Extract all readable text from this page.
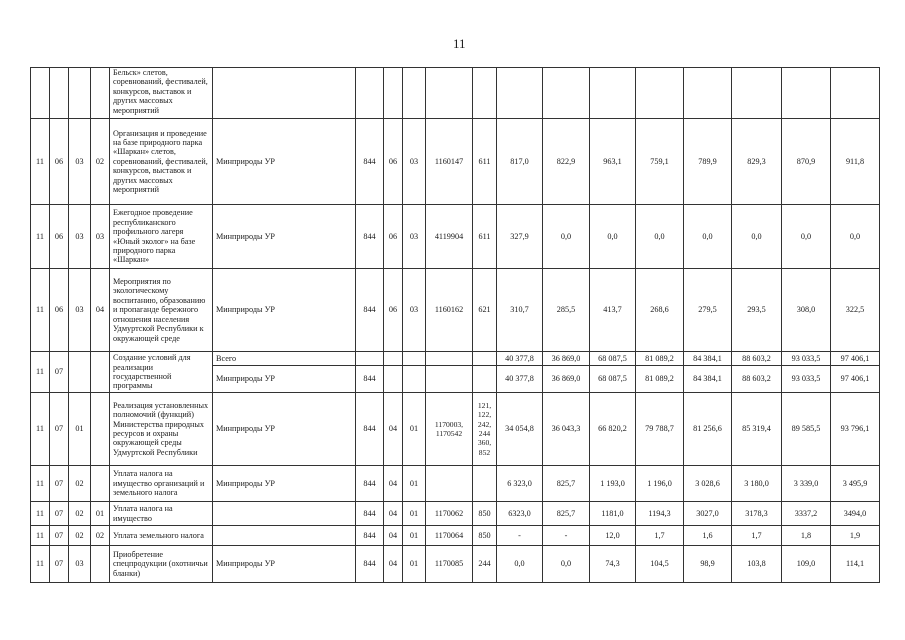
11
				Бельск» слетов, соревнований, фестивалей, конкурсов, выставок и других массовых мероприятий														
11	06	03	02	Организация и проведение на базе природного парка «Шаркан» слетов, соревнований, фестивалей, конкурсов, выставок и других массовых мероприятий	Минприроды УР	844	06	03	1160147	611	817,0	822,9	963,1	759,1	789,9	829,3	870,9	911,8
11	06	03	03	Ежегодное проведение республиканского профильного лагеря «Юный эколог» на базе природного парка «Шаркан»	Минприроды УР	844	06	03	4119904	611	327,9	0,0	0,0	0,0	0,0	0,0	0,0	0,0
11	06	03	04	Мероприятия по экологическому воспитанию, образованию и пропаганде бережного отношения населения Удмуртской Республики к окружающей среде	Минприроды УР	844	06	03	1160162	621	310,7	285,5	413,7	268,6	279,5	293,5	308,0	322,5
11	07			Создание условий для реализации государственной программы	Всего						40 377,8	36 869,0	68 087,5	81 089,2	84 384,1	88 603,2	93 033,5	97 406,1
					Минприроды УР	844					40 377,8	36 869,0	68 087,5	81 089,2	84 384,1	88 603,2	93 033,5	97 406,1
11	07	01		Реализация установленных полномочий (функций) Министерства природных ресурсов и охраны окружающей среды Удмуртской Республики	Минприроды УР	844	04	01	1170003, 1170542	121, 122, 242, 244 360, 852	34 054,8	36 043,3	66 820,2	79 788,7	81 256,6	85 319,4	89 585,5	93 796,1
11	07	02		Уплата налога на имущество организаций и земельного налога	Минприроды УР	844	04	01			6 323,0	825,7	1 193,0	1 196,0	3 028,6	3 180,0	3 339,0	3 495,9
11	07	02	01	Уплата налога на имущество		844	04	01	1170062	850	6323,0	825,7	1181,0	1194,3	3027,0	3178,3	3337,2	3494,0
11	07	02	02	Уплата земельного налога		844	04	01	1170064	850	-	-	12,0	1,7	1,6	1,7	1,8	1,9
11	07	03		Приобретение спецпродукции (охотничьи бланки)	Минприроды УР	844	04	01	1170085	244	0,0	0,0	74,3	104,5	98,9	103,8	109,0	114,1
